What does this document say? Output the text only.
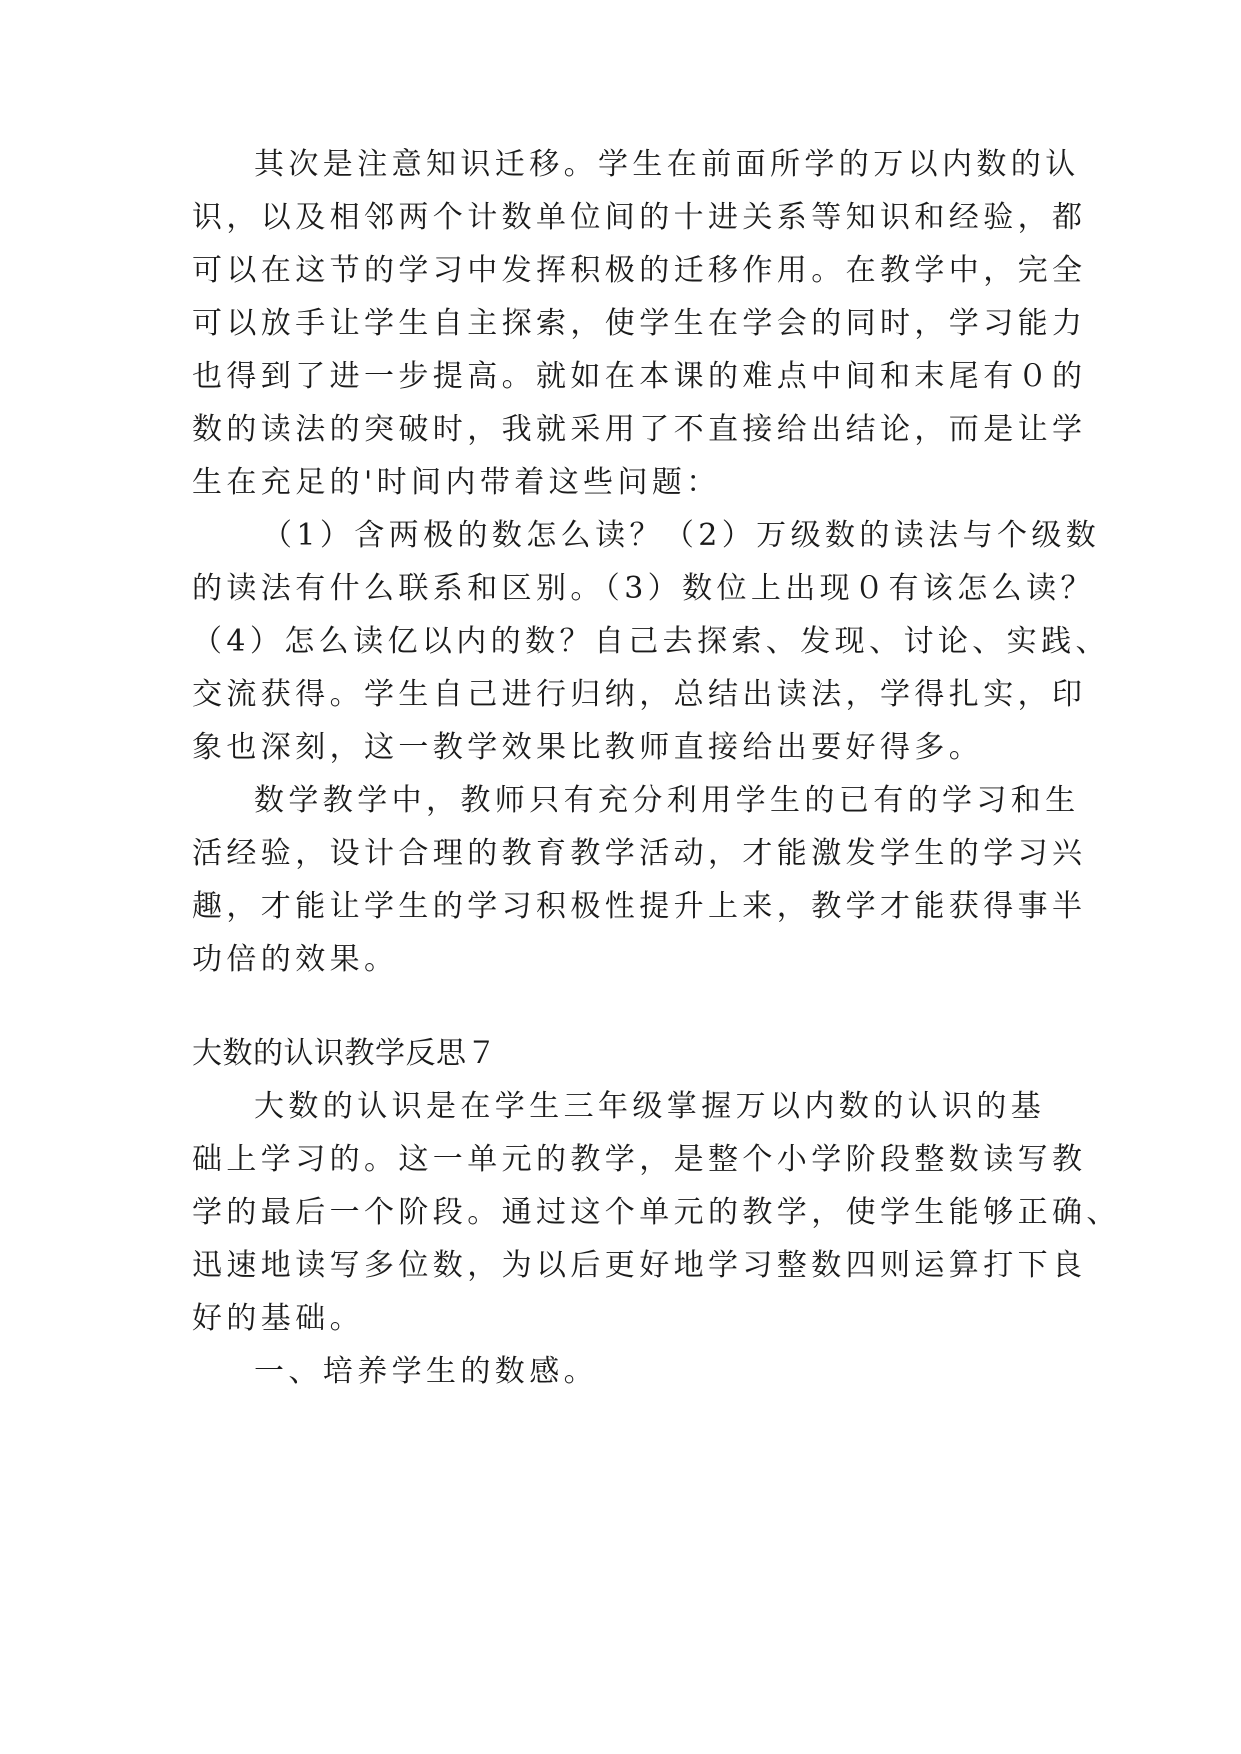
其次是注意知识迁移。学生在前面所学的万以内数的认
识，以及相邻两个计数单位间的十进关系等知识和经验，都
可以在这节的学习中发挥积极的迁移作用。在教学中，完全
可以放手让学生自主探索，使学生在学会的同时，学习能力
也得到了进一步提高。就如在本课的难点中间和末尾有０的
数的读法的突破时，我就采用了不直接给出结论，而是让学
生在充足的'时间内带着这些问题：
（1）含两极的数怎么读？（2）万级数的读法与个级数
的读法有什么联系和区别。（3）数位上出现０有该怎么读？
（4）怎么读亿以内的数？自己去探索、发现、讨论、实践、
交流获得。学生自己进行归纳，总结出读法，学得扎实，印
象也深刻，这一教学效果比教师直接给出要好得多。
数学教学中，教师只有充分利用学生的已有的学习和生
活经验，设计合理的教育教学活动，才能激发学生的学习兴
趣，才能让学生的学习积极性提升上来，教学才能获得事半
功倍的效果。
大数的认识教学反思７
大数的认识是在学生三年级掌握万以内数的认识的基
础上学习的。这一单元的教学，是整个小学阶段整数读写教
学的最后一个阶段。通过这个单元的教学，使学生能够正确、
迅速地读写多位数，为以后更好地学习整数四则运算打下良
好的基础。
一、培养学生的数感。
